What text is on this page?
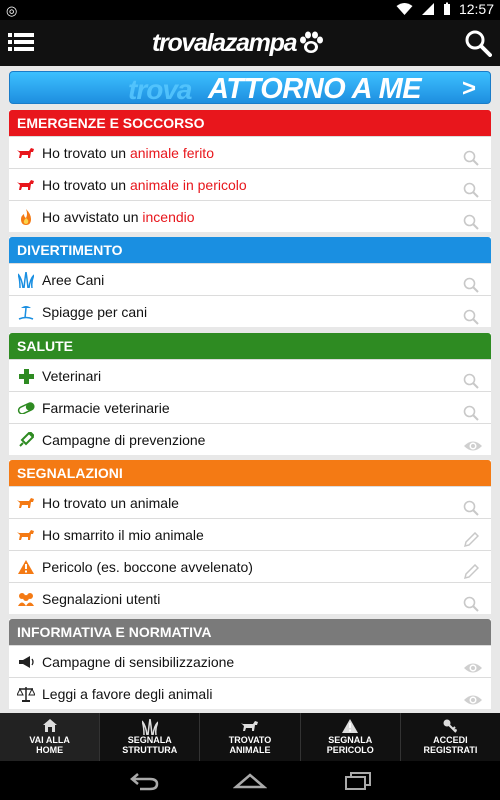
◎	12:57
trovalazampa
trova ATTORNO A ME >
EMERGENZE E SOCCORSO
Ho trovato un animale ferito
Ho trovato un animale in pericolo
Ho avvistato un incendio
DIVERTIMENTO
Aree Cani
Spiagge per cani
SALUTE
Veterinari
Farmacie veterinarie
Campagne di prevenzione
SEGNALAZIONI
Ho trovato un animale
Ho smarrito il mio animale
Pericolo (es. boccone avvelenato)
Segnalazioni utenti
INFORMATIVA E NORMATIVA
Campagne di sensibilizzazione
Leggi a favore degli animali
VAI ALLA
HOME
SEGNALA
STRUTTURA
TROVATO
ANIMALE
SEGNALA
PERICOLO
ACCEDI
REGISTRATI
